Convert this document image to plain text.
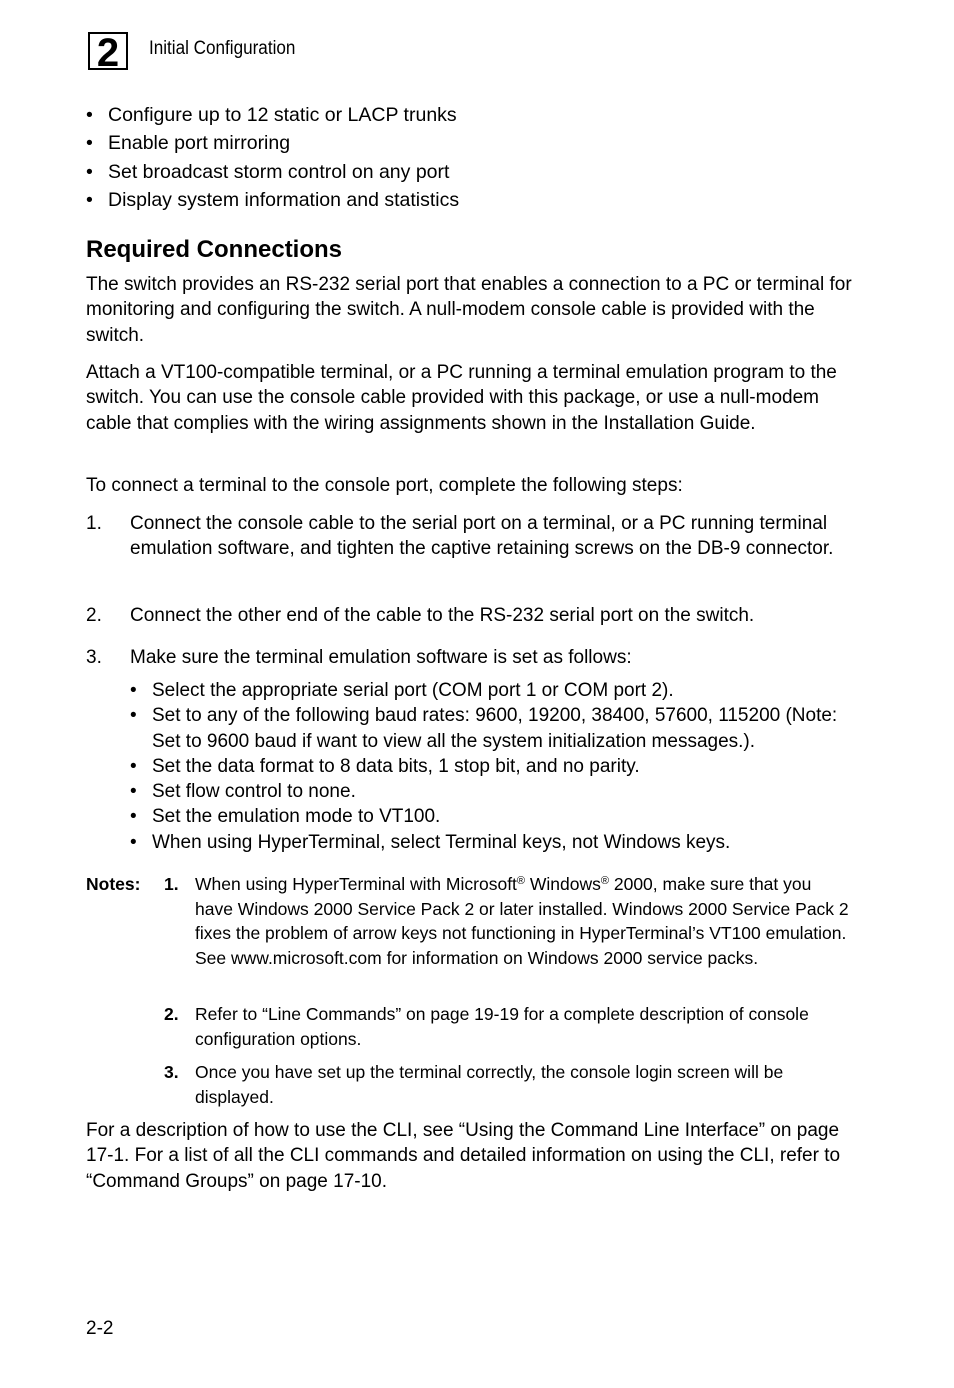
2 Initial Configuration
• Configure up to 12 static or LACP trunks
• Enable port mirroring
• Set broadcast storm control on any port
• Display system information and statistics
Required Connections

The switch provides an RS-232 serial port that enables a connection to a PC or terminal for monitoring and configuring the switch. A null-modem console cable is provided with the switch.

Attach a VT100-compatible terminal, or a PC running a terminal emulation program to the switch. You can use the console cable provided with this package, or use a null-modem cable that complies with the wiring assignments shown in the Installation Guide.

To connect a terminal to the console port, complete the following steps:

1. Connect the console cable to the serial port on a terminal, or a PC running terminal emulation software, and tighten the captive retaining screws on the DB-9 connector.
2. Connect the other end of the cable to the RS-232 serial port on the switch.
3. Make sure the terminal emulation software is set as follows:
• Select the appropriate serial port (COM port 1 or COM port 2).
• Set to any of the following baud rates: 9600, 19200, 38400, 57600, 115200 (Note: Set to 9600 baud if want to view all the system initialization messages.).
• Set the data format to 8 data bits, 1 stop bit, and no parity.
• Set flow control to none.
• Set the emulation mode to VT100.
• When using HyperTerminal, select Terminal keys, not Windows keys.
Notes: 1. When using HyperTerminal with Microsoft® Windows® 2000, make sure that you have Windows 2000 Service Pack 2 or later installed. Windows 2000 Service Pack 2 fixes the problem of arrow keys not functioning in HyperTerminal’s VT100 emulation. See www.microsoft.com for information on Windows 2000 service packs.
2. Refer to “Line Commands” on page 19-19 for a complete description of console configuration options.
3. Once you have set up the terminal correctly, the console login screen will be displayed.

For a description of how to use the CLI, see “Using the Command Line Interface” on page 17-1. For a list of all the CLI commands and detailed information on using the CLI, refer to “Command Groups” on page 17-10.

2-2
